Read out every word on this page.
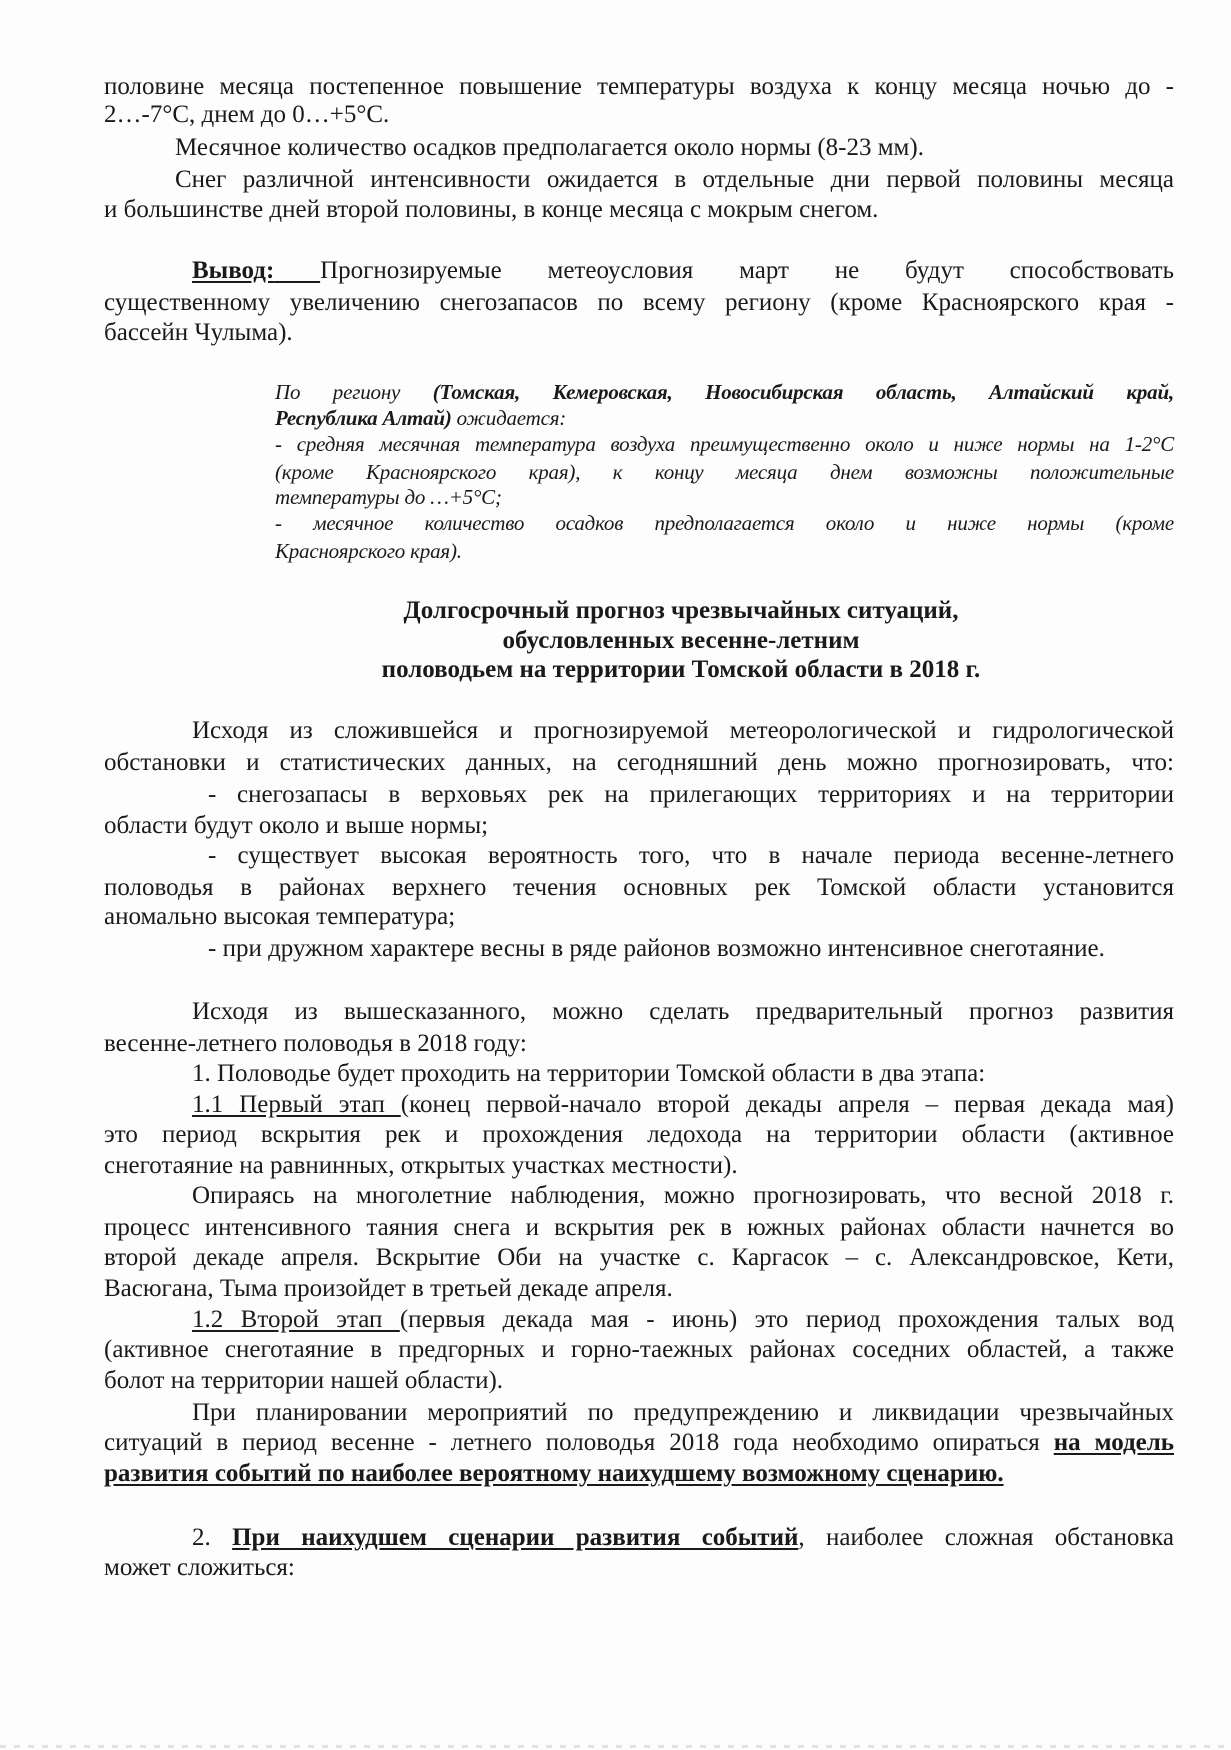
половине месяца постепенное повышение температуры воздуха к концу месяца ночью до -
2…-7°С, днем до 0…+5°С.
Месячное количество осадков предполагается около нормы (8-23 мм).
Снег различной интенсивности ожидается в отдельные дни первой половины месяца
и большинстве дней второй половины, в конце месяца с мокрым снегом.
Вывод: Прогнозируемые метеоусловия март не будут способствовать
существенному увеличению снегозапасов по всему региону (кроме Красноярского края -
бассейн Чулыма).
По региону (Томская, Кемеровская, Новосибирская область, Алтайский край,
Республика Алтай) ожидается:
- средняя месячная температура воздуха преимущественно около и ниже нормы на 1-2°С
(кроме Красноярского края), к концу месяца днем возможны положительные
температуры до …+5°С;
- месячное количество осадков предполагается около и ниже нормы (кроме
Красноярского края).
Долгосрочный прогноз чрезвычайных ситуаций,
обусловленных весенне-летним
половодьем на территории Томской области в 2018 г.
Исходя из сложившейся и прогнозируемой метеорологической и гидрологической
обстановки и статистических данных, на сегодняшний день можно прогнозировать, что:
- снегозапасы в верховьях рек на прилегающих территориях и на территории
области будут около и выше нормы;
- существует высокая вероятность того, что в начале периода весенне-летнего
половодья в районах верхнего течения основных рек Томской области установится
аномально высокая температура;
- при дружном характере весны в ряде районов возможно интенсивное снеготаяние.
Исходя из вышесказанного, можно сделать предварительный прогноз развития
весенне-летнего половодья в 2018 году:
1. Половодье будет проходить на территории Томской области в два этапа:
1.1 Первый этап (конец первой-начало второй декады апреля – первая декада мая)
это период вскрытия рек и прохождения ледохода на территории области (активное
снеготаяние на равнинных, открытых участках местности).
Опираясь на многолетние наблюдения, можно прогнозировать, что весной 2018 г.
процесс интенсивного таяния снега и вскрытия рек в южных районах области начнется во
второй декаде апреля. Вскрытие Оби на участке с. Каргасок – с. Александровское, Кети,
Васюгана, Тыма произойдет в третьей декаде апреля.
1.2 Второй этап (первыя декада мая - июнь) это период прохождения талых вод
(активное снеготаяние в предгорных и горно-таежных районах соседних областей, а также
болот на территории нашей области).
При планировании мероприятий по предупреждению и ликвидации чрезвычайных
ситуаций в период весенне - летнего половодья 2018 года необходимо опираться на модель
развития событий по наиболее вероятному наихудшему возможному сценарию.
2. При наихудшем сценарии развития событий, наиболее сложная обстановка
может сложиться:
